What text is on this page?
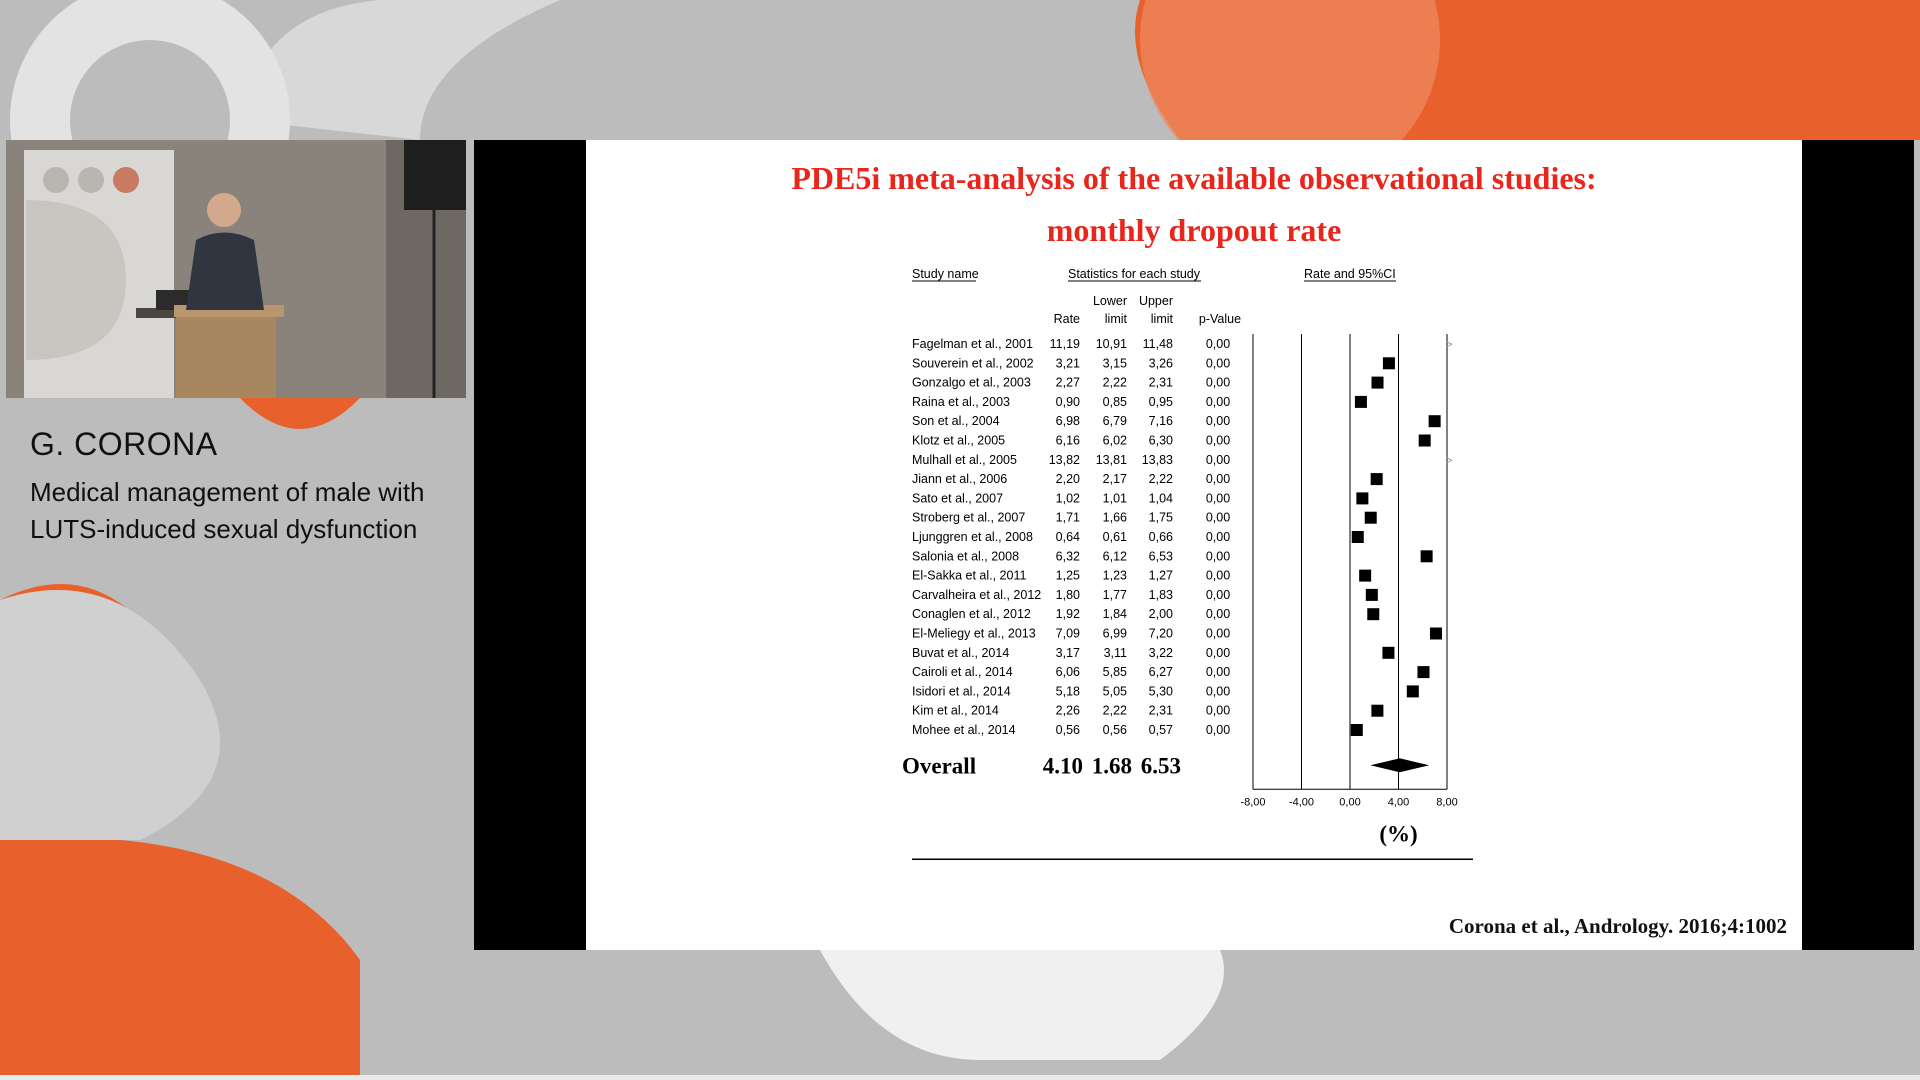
G. CORONA

Medical management of male with LUTS-induced sexual dysfunction

PDE5i meta-analysis of the available observational studies:
monthly dropout rate
Study name	Statistics for each study	Rate and 95%CI
Lower Upper
Rate limit limit p-Value
Fagelman et al., 2001 11,19 10,91 11,48	0,00	>
Souverein et al., 2002 3,21 3,15 3,26	0,00
Gonzalgo et al., 2003 2,27 2,22 2,31	0,00
Raina et al., 2003	0,90 0,85 0,95	0,00
Son et al., 2004	6,98 6,79 7,16	0,00
Klotz et al., 2005	6,16 6,02 6,30	0,00
Mulhall et al., 2005	13,82 13,81 13,83	0,00	>
Jiann et al., 2006	2,20 2,17 2,22	0,00
Sato et al., 2007	1,02 1,01 1,04	0,00
Stroberg et al., 2007 1,71 1,66 1,75	0,00
Ljunggren et al., 2008 0,64 0,61 0,66	0,00
Salonia et al., 2008	6,32 6,12 6,53	0,00
El-Sakka et al., 2011 1,25 1,23 1,27	0,00
Carvalheira et al., 2012 1,80 1,77 1,83	0,00
Conaglen et al., 2012 1,92 1,84 2,00	0,00
El-Meliegy et al., 2013 7,09 6,99 7,20	0,00
Buvat et al., 2014	3,17 3,11 3,22	0,00
Cairoli et al., 2014	6,06 5,85 6,27	0,00
Isidori et al., 2014	5,18 5,05 5,30	0,00
Kim et al., 2014	2,26 2,22 2,31	0,00
Mohee et al., 2014	0,56 0,56 0,57	0,00
Overall	4.10 1.68 6.53
-8,00 -4,00 0,00 4,00 8,00
(%)
Corona et al., Andrology. 2016;4:1002
